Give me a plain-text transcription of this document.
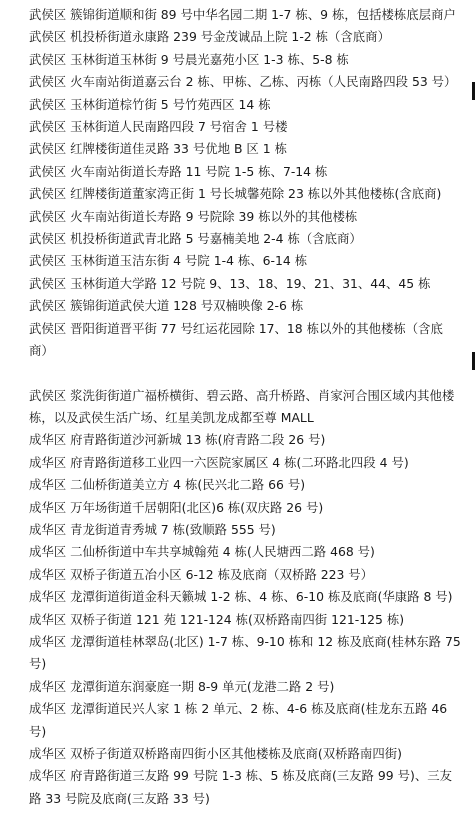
武侯区 簇锦街道顺和街 89 号中华名园二期 1-7 栋、9 栋，包括楼栋底层商户

武侯区 机投桥街道永康路 239 号金茂诚品上院 1-2 栋（含底商）

武侯区 玉林街道玉林街 9 号晨光嘉苑小区 1-3 栋、5-8 栋

武侯区 火车南站街道嘉云台 2 栋、甲栋、乙栋、丙栋（人民南路四段 53 号）

武侯区 玉林街道棕竹街 5 号竹苑西区 14 栋

武侯区 玉林街道人民南路四段 7 号宿舍 1 号楼

武侯区 红牌楼街道佳灵路 33 号优地 B 区 1 栋

武侯区 火车南站街道长寿路 11 号院 1-5 栋、7-14 栋

武侯区 红牌楼街道董家湾正街 1 号长城馨苑除 23 栋以外其他楼栋(含底商)

武侯区 火车南站街道长寿路 9 号院除 39 栋以外的其他楼栋

武侯区 机投桥街道武青北路 5 号嘉楠美地 2-4 栋（含底商）

武侯区 玉林街道玉洁东街 4 号院 1-4 栋、6-14 栋

武侯区 玉林街道大学路 12 号院 9、13、18、19、21、31、44、45 栋

武侯区 簇锦街道武侯大道 128 号双楠映像 2-6 栋

武侯区 晋阳街道晋平街 77 号红运花园除 17、18 栋以外的其他楼栋（含底商）

武侯区 浆洗街街道广福桥横街、碧云路、高升桥路、肖家河合围区域内其他楼栋，以及武侯生活广场、红星美凯龙成都至尊 MALL

成华区 府青路街道沙河新城 13 栋(府青路二段 26 号)

成华区 府青路街道移工业四一六医院家属区 4 栋(二环路北四段 4 号)

成华区 二仙桥街道美立方 4 栋(民兴北二路 66 号)

成华区 万年场街道千居朝阳(北区)6 栋(双庆路 26 号)

成华区 青龙街道青秀城 7 栋(致顺路 555 号)

成华区 二仙桥街道中车共享城翰苑 4 栋(人民塘西二路 468 号)

成华区 双桥子街道五冶小区 6-12 栋及底商（双桥路 223 号）

成华区 龙潭街道街道金科天籁城 1-2 栋、4 栋、6-10 栋及底商(华康路 8 号)

成华区 双桥子街道 121 苑 121-124 栋(双桥路南四街 121-125 栋)

成华区 龙潭街道桂林翠岛(北区) 1-7 栋、9-10 栋和 12 栋及底商(桂林东路 75 号)

成华区 龙潭街道东润豪庭一期 8-9 单元(龙港二路 2 号)

成华区 龙潭街道民兴人家 1 栋 2 单元、2 栋、4-6 栋及底商(桂龙东五路 46 号)

成华区 双桥子街道双桥路南四街小区其他楼栋及底商(双桥路南四街)

成华区 府青路街道三友路 99 号院 1-3 栋、5 栋及底商(三友路 99 号)、三友路 33 号院及底商(三友路 33 号)
